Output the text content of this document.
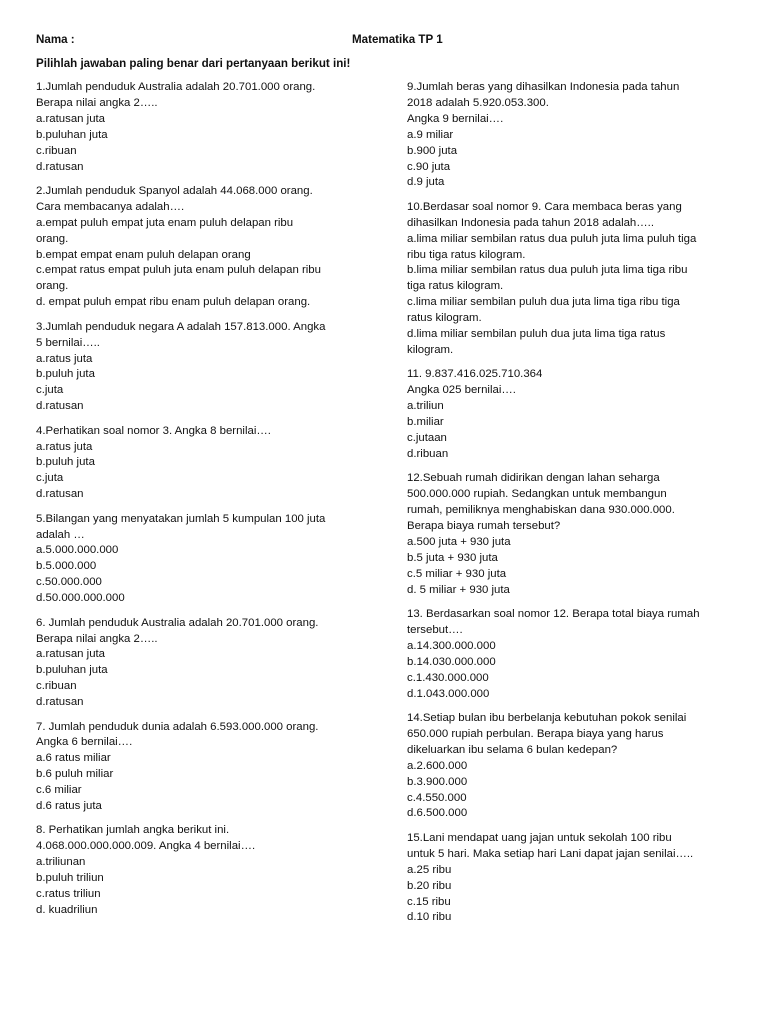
Nama :	Matematika TP 1
Pilihlah jawaban paling benar dari pertanyaan berikut ini!
1.Jumlah penduduk Australia adalah 20.701.000 orang.
Berapa nilai angka 2…..
a.ratusan juta
b.puluhan juta
c.ribuan
d.ratusan
2.Jumlah penduduk Spanyol adalah 44.068.000 orang.
Cara membacanya adalah….
a.empat puluh empat juta enam puluh delapan ribu
orang.
b.empat empat enam puluh delapan orang
c.empat ratus empat puluh juta enam puluh delapan ribu
orang.
d. empat puluh empat ribu enam puluh delapan orang.
3.Jumlah penduduk negara A adalah 157.813.000. Angka
5 bernilai…..
a.ratus juta
b.puluh juta
c.juta
d.ratusan
4.Perhatikan soal nomor 3. Angka 8 bernilai….
a.ratus juta
b.puluh juta
c.juta
d.ratusan
5.Bilangan yang menyatakan jumlah 5 kumpulan 100 juta
adalah …
a.5.000.000.000
b.5.000.000
c.50.000.000
d.50.000.000.000
6. Jumlah penduduk Australia adalah 20.701.000 orang.
Berapa nilai angka 2…..
a.ratusan juta
b.puluhan juta
c.ribuan
d.ratusan
7. Jumlah penduduk dunia adalah 6.593.000.000 orang.
Angka 6 bernilai….
a.6 ratus miliar
b.6 puluh miliar
c.6 miliar
d.6 ratus juta
8. Perhatikan jumlah angka berikut ini.
4.068.000.000.000.009. Angka 4 bernilai….
a.triliunan
b.puluh triliun
c.ratus triliun
d. kuadriliun
9.Jumlah beras yang dihasilkan Indonesia pada tahun
2018 adalah 5.920.053.300.
Angka 9 bernilai….
a.9 miliar
b.900 juta
c.90 juta
d.9 juta
10.Berdasar soal nomor 9. Cara membaca beras yang
dihasilkan Indonesia pada tahun 2018 adalah…..
a.lima miliar sembilan ratus dua puluh juta lima puluh tiga
ribu tiga ratus kilogram.
b.lima miliar sembilan ratus dua puluh juta lima tiga ribu
tiga ratus kilogram.
c.lima miliar sembilan puluh dua juta lima tiga ribu tiga
ratus kilogram.
d.lima miliar sembilan puluh dua juta lima tiga ratus
kilogram.
11. 9.837.416.025.710.364
Angka 025 bernilai….
a.triliun
b.miliar
c.jutaan
d.ribuan
12.Sebuah rumah didirikan dengan lahan seharga
500.000.000 rupiah. Sedangkan untuk membangun
rumah, pemiliknya menghabiskan dana 930.000.000.
Berapa biaya rumah tersebut?
a.500 juta + 930 juta
b.5 juta + 930 juta
c.5 miliar + 930 juta
d. 5 miliar + 930 juta
13. Berdasarkan soal nomor 12. Berapa total biaya rumah
tersebut….
a.14.300.000.000
b.14.030.000.000
c.1.430.000.000
d.1.043.000.000
14.Setiap bulan ibu berbelanja kebutuhan pokok senilai
650.000 rupiah perbulan. Berapa biaya yang harus
dikeluarkan ibu selama 6 bulan kedepan?
a.2.600.000
b.3.900.000
c.4.550.000
d.6.500.000
15.Lani mendapat uang jajan untuk sekolah 100 ribu
untuk 5 hari. Maka setiap hari Lani dapat jajan senilai…..
a.25 ribu
b.20 ribu
c.15 ribu
d.10 ribu
